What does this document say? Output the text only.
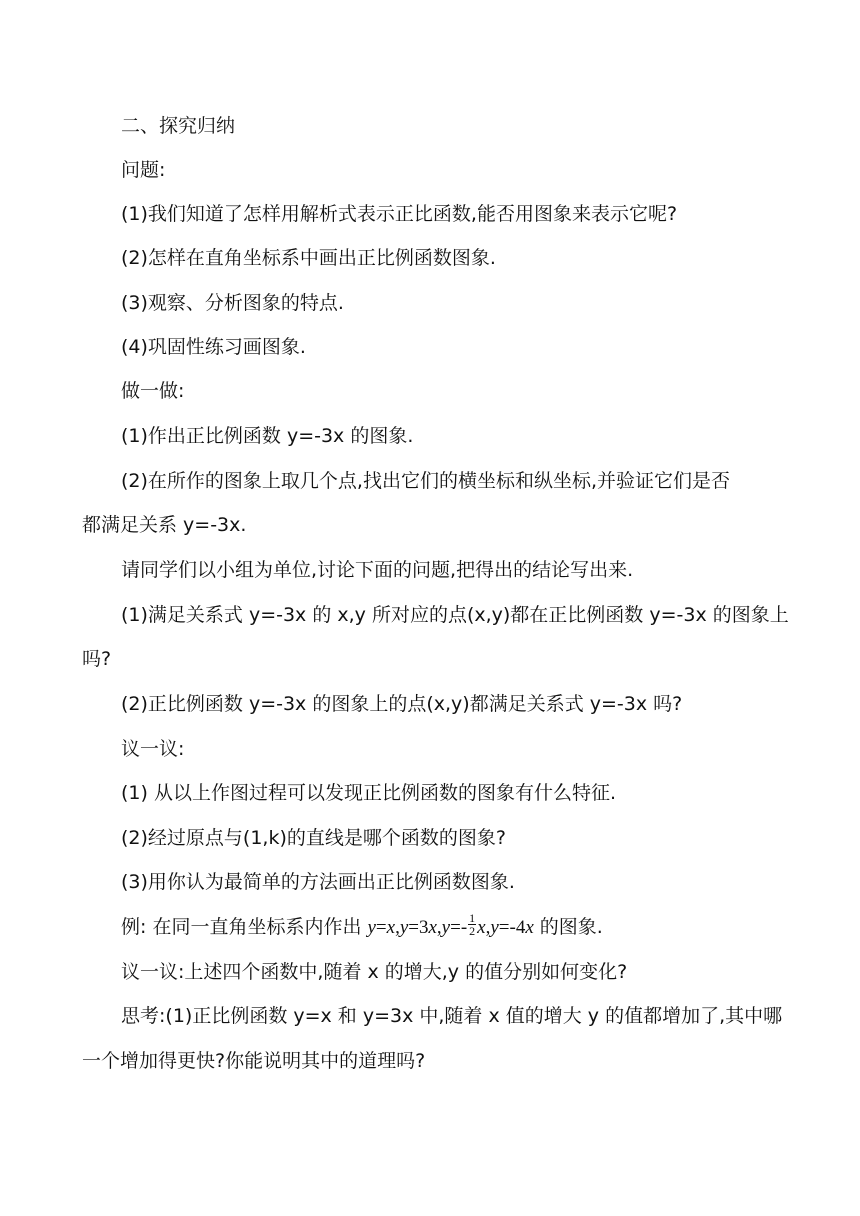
二、探究归纳
问题:
(1)我们知道了怎样用解析式表示正比函数,能否用图象来表示它呢?
(2)怎样在直角坐标系中画出正比例函数图象.
(3)观察、分析图象的特点.
(4)巩固性练习画图象.
做一做:
(1)作出正比例函数 y=-3x 的图象.
(2)在所作的图象上取几个点,找出它们的横坐标和纵坐标,并验证它们是否
都满足关系 y=-3x.
请同学们以小组为单位,讨论下面的问题,把得出的结论写出来.
(1)满足关系式 y=-3x 的 x,y 所对应的点(x,y)都在正比例函数 y=-3x 的图象上
吗?
(2)正比例函数 y=-3x 的图象上的点(x,y)都满足关系式 y=-3x 吗?
议一议:
(1) 从以上作图过程可以发现正比例函数的图象有什么特征.
(2)经过原点与(1,k)的直线是哪个函数的图象?
(3)用你认为最简单的方法画出正比例函数图象.
例: 在同一直角坐标系内作出 $y=x,y=3x,y=- \frac{1}{2} x,y=-4x$ 的图象.
议一议:上述四个函数中,随着 x 的增大,y 的值分别如何变化?
思考:(1)正比例函数 y=x 和 y=3x 中,随着 x 值的增大 y 的值都增加了,其中哪
一个增加得更快?你能说明其中的道理吗?
